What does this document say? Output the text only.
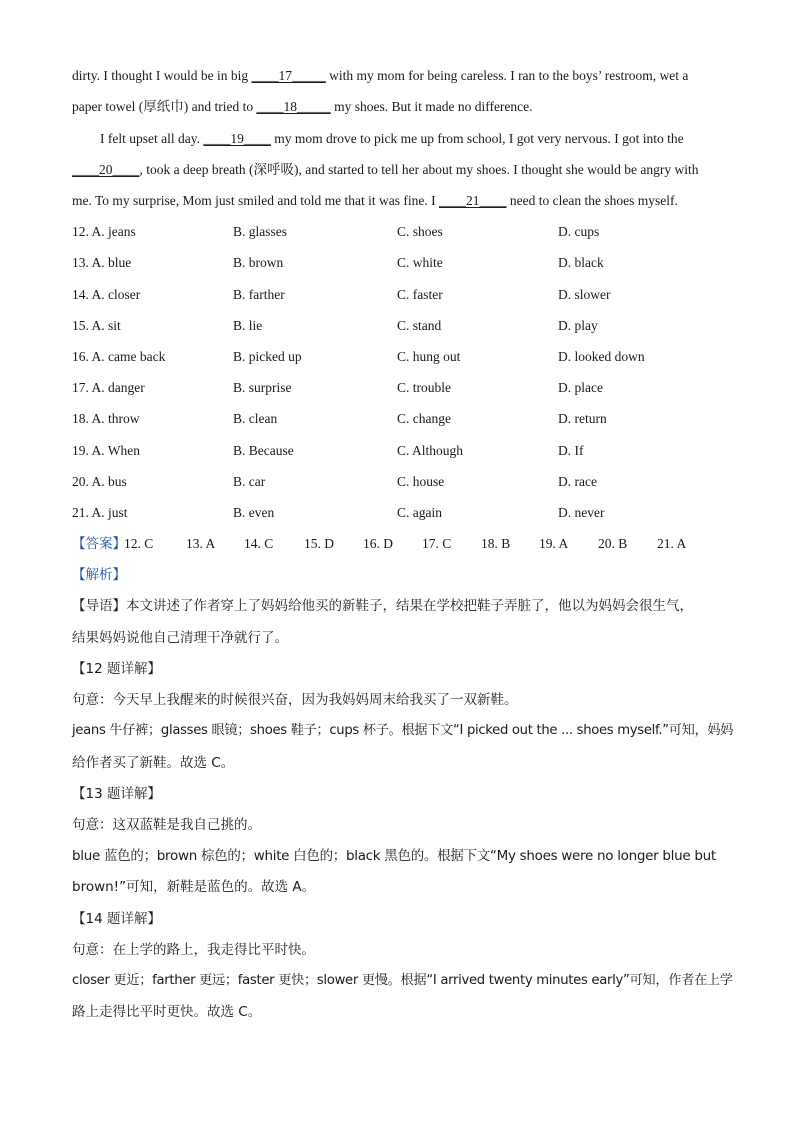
dirty. I thought I would be in big ____17_____ with my mom for being careless. I ran to the boys’ restroom, wet a
paper towel (厚纸巾) and tried to ____18_____ my shoes. But it made no difference.
I felt upset all day. ____19____ my mom drove to pick me up from school, I got very nervous. I got into the
____20____, took a deep breath (深呼吸), and started to tell her about my shoes. I thought she would be angry with
me. To my surprise, Mom just smiled and told me that it was fine. I ____21____ need to clean the shoes myself.
12. A. jeans	B. glasses	C. shoes	D. cups
13. A. blue	B. brown	C. white	D. black
14. A. closer	B. farther	C. faster	D. slower
15. A. sit	B. lie	C. stand	D. play
16. A. came back	B. picked up	C. hung out	D. looked down
17. A. danger	B. surprise	C. trouble	D. place
18. A. throw	B. clean	C. change	D. return
19. A. When	B. Because	C. Although	D. If
20. A. bus	B. car	C. house	D. race
21. A. just	B. even	C. again	D. never
【答案】
12. C 13. A 14. C 15. D 16. D 17. C 18. B 19. A 20. B 21. A
【解析】
【导语】本文讲述了作者穿上了妈妈给他买的新鞋子，结果在学校把鞋子弄脏了，他以为妈妈会很生气，
结果妈妈说他自己清理干净就行了。
【12 题详解】
句意：今天早上我醒来的时候很兴奋，因为我妈妈周末给我买了一双新鞋。
jeans 牛仔裤；glasses 眼镜；shoes 鞋子；cups 杯子。根据下文“I picked out the ... shoes myself.”可知，妈妈
给作者买了新鞋。故选 C。
【13 题详解】
句意：这双蓝鞋是我自己挑的。
blue 蓝色的；brown 棕色的；white 白色的；black 黑色的。根据下文“My shoes were no longer blue but
brown!”可知，新鞋是蓝色的。故选 A。
【14 题详解】
句意：在上学的路上，我走得比平时快。
closer 更近；farther 更远；faster 更快；slower 更慢。根据“I arrived twenty minutes early”可知，作者在上学
路上走得比平时更快。故选 C。
